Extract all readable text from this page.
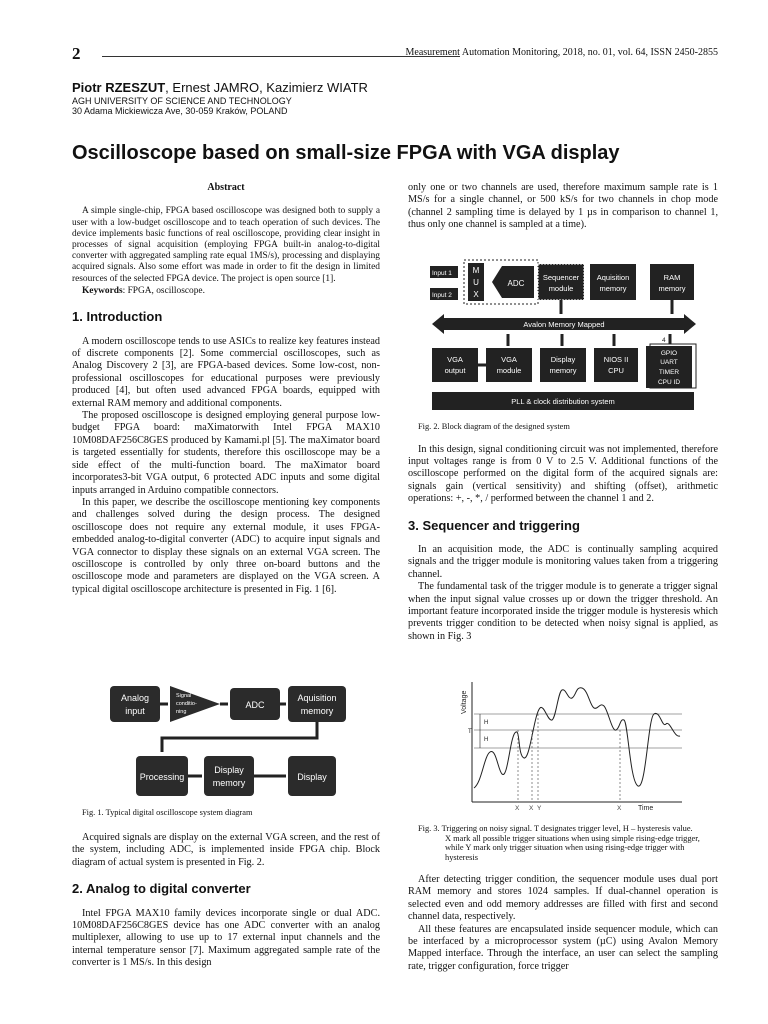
2	Measurement Automation Monitoring, 2018, no. 01, vol. 64, ISSN 2450-2855
Piotr RZESZUT, Ernest JAMRO, Kazimierz WIATR
AGH UNIVERSITY OF SCIENCE AND TECHNOLOGY
30 Adama Mickiewicza Ave, 30-059 Kraków, POLAND
Oscilloscope based on small-size FPGA with VGA display
Abstract

A simple single-chip, FPGA based oscilloscope was designed both to supply a user with a low-budget oscilloscope and to teach operation of such devices. The device implements basic functions of real oscilloscope, providing clear insight in processes of signal acquisition (employing FPGA built-in analog-to-digital converter with aggregated sampling rate equal 1MS/s), processing and displaying acquired signals. Also some effort was made in order to fit the design in limited resources of the selected FPGA device. The project is open source [1].

Keywords: FPGA, oscilloscope.

1. Introduction

A modern oscilloscope tends to use ASICs to realize key features instead of discrete components [2]. Some commercial oscilloscopes, such as Analog Discovery 2 [3], are FPGA-based devices. Some low-cost, non-professional oscilloscopes for educational purposes were previously produced [4], but often used advanced FPGA boards, equipped with external RAM memory and additional components.

The proposed oscilloscope is designed employing general purpose low-budget FPGA board: maXimatorwith Intel FPGA MAX10 10M08DAF256C8GES produced by Kamami.pl [5]. The maXimator board is targeted essentially for students, therefore this oscilloscope may be a side effect of the multi-function board. The maXimator board incorporates3-bit VGA output, 6 protected ADC inputs and some digital inputs arranged in Arduino compatible connectors.

In this paper, we describe the oscilloscope mentioning key components and challenges solved during the design process. The designed oscilloscope does not require any external module, it uses FPGA-embedded analog-to-digital converter (ADC) to acquire input signals and VGA connector to display these signals on an external VGA screen. The oscilloscope is controlled by only three on-board buttons and the oscilloscope mode and parameters are displayed on the VGA screen. A typical digital oscilloscope architecture is presented in Fig. 1 [6].

Analog
input
Signal
conditio-
ning
ADC
Aquisition
memory
Processing
Display
memory
Display

Fig. 1. Typical digital oscilloscope system diagram

Acquired signals are display on the external VGA screen, and the rest of the system, including ADC, is implemented inside FPGA chip. Block diagram of actual system is presented in Fig. 2.

2. Analog to digital converter

Intel FPGA MAX10 family devices incorporate single or dual ADC. 10M08DAF256C8GES device has one ADC converter with an analog multiplexer, allowing to use up to 17 external input channels and the internal temperature sensor [7]. Maximum aggregated sample rate of the converter is 1 MS/s. In this design

only one or two channels are used, therefore maximum sample rate is 1 MS/s for a single channel, or 500 kS/s for two channels in chop mode (channel 2 sampling time is delayed by 1 µs in comparison to channel 1, thus only one channel is sampled at a time).

Input 1
Input 2
M
U
X
ADC
Sequencer
module
Aquisition
memory
RAM
memory
Avalon Memory Mapped
4
VGA
output
VGA
module
Display
memory
NIOS II
CPU
GPIO
UART
TIMER
CPU ID
PLL & clock distribution system

Fig. 2. Block diagram of the designed system

In this design, signal conditioning circuit was not implemented, therefore input voltages range is from 0 V to 2.5 V. Additional functions of the oscilloscope performed on the digital form of the acquired signals are: signals gain (vertical sensitivity) and shifting (offset), arithmetic operations: +, -, *, / performed between the channel 1 and 2.

3. Sequencer and triggering

In an acquisition mode, the ADC is continually sampling acquired signals and the trigger module is monitoring values taken from a triggering channel.

The fundamental task of the trigger module is to generate a trigger signal when the input signal value crosses up or down the trigger threshold. An important feature incorporated inside the trigger module is hysteresis which prevents trigger condition to be detected when noisy signal is applied, as shown in Fig. 3

Voltage
Time
T
H
H
X X Y	X

Fig. 3. Triggering on noisy signal. T designates trigger level, H – hysteresis value.

X mark all possible trigger situations when using simple rising-edge trigger,

while Y mark only trigger situation when using rising-edge trigger with

hysteresis

After detecting trigger condition, the sequencer module uses dual port RAM memory and stores 1024 samples. If dual-channel operation is selected even and odd memory addresses are filled with first and second channel data, respectively.

All these features are encapsulated inside sequencer module, which can be interfaced by a microprocessor system (µC) using Avalon Memory Mapped interface. Through the interface, an user can select the sampling rate, trigger configuration, force trigger
